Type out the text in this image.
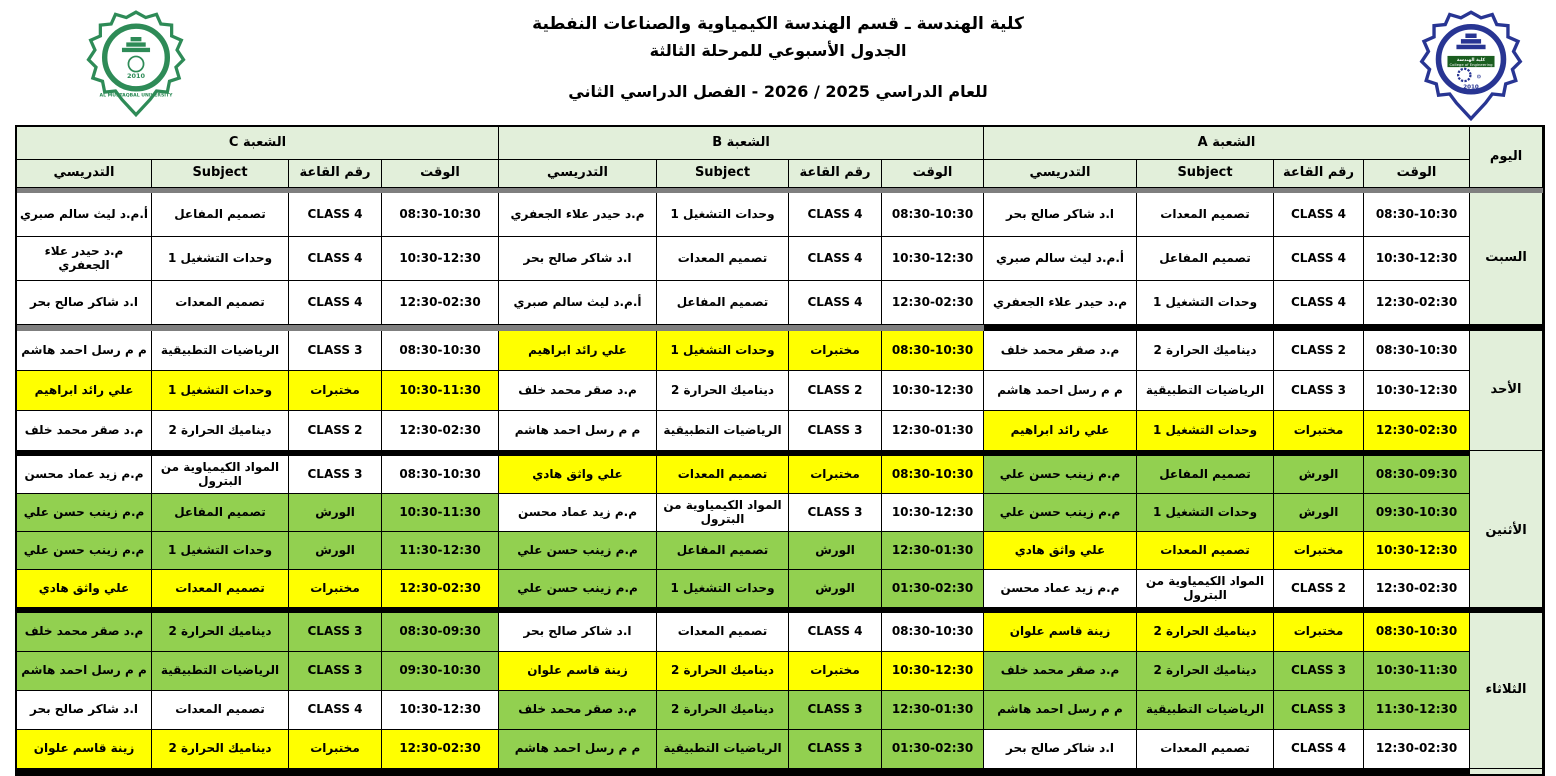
2010
AL MUSTAQBAL UNIVERSITY
كلية الهندسة
College of Engineering
⚙
2010
كلية الهندسة ـ قسم الهندسة الكيمياوية والصناعات النفطية
الجدول الأسبوعي للمرحلة الثالثة
للعام الدراسي 2025 / 2026 - الفصل الدراسي الثاني
الشعبة C	الشعبة B	الشعبة A
اليوم
التدريسي	Subject	رقم القاعة	الوقت	التدريسي	Subject	رقم القاعة	الوقت	التدريسي	Subject	رقم القاعة	الوقت
السبت
أ.م.د ليث سالم صبري	تصميم المفاعل	CLASS 4	08:30-10:30	م.د حيدر علاء الجعفري	وحدات التشغيل 1	CLASS 4	08:30-10:30	ا.د شاكر صالح بحر	تصميم المعدات	CLASS 4	08:30-10:30
م.د حيدر علاء الجعفري	وحدات التشغيل 1	CLASS 4	10:30-12:30	ا.د شاكر صالح بحر	تصميم المعدات	CLASS 4	10:30-12:30	أ.م.د ليث سالم صبري	تصميم المفاعل	CLASS 4	10:30-12:30
ا.د شاكر صالح بحر	تصميم المعدات	CLASS 4	12:30-02:30	أ.م.د ليث سالم صبري	تصميم المفاعل	CLASS 4	12:30-02:30	م.د حيدر علاء الجعفري	وحدات التشغيل 1	CLASS 4	12:30-02:30
الأحد
م م رسل احمد هاشم	الرياضيات التطبيقية	CLASS 3	08:30-10:30	علي رائد ابراهيم	وحدات التشغيل 1	مختبرات	08:30-10:30	م.د صقر محمد خلف	ديناميك الحرارة 2	CLASS 2	08:30-10:30
علي رائد ابراهيم	وحدات التشغيل 1	مختبرات	10:30-11:30	م.د صقر محمد خلف	ديناميك الحرارة 2	CLASS 2	10:30-12:30	م م رسل احمد هاشم	الرياضيات التطبيقية	CLASS 3	10:30-12:30
م.د صقر محمد خلف	ديناميك الحرارة 2	CLASS 2	12:30-02:30	م م رسل احمد هاشم	الرياضيات التطبيقية	CLASS 3	12:30-01:30	علي رائد ابراهيم	وحدات التشغيل 1	مختبرات	12:30-02:30
الأثنين
م.م زيد عماد محسن	المواد الكيمياوية من البترول	CLASS 3	08:30-10:30	علي واثق هادي	تصميم المعدات	مختبرات	08:30-10:30	م.م زينب حسن علي	تصميم المفاعل	الورش	08:30-09:30
م.م زينب حسن علي	تصميم المفاعل	الورش	10:30-11:30	م.م زيد عماد محسن	المواد الكيمياوية من البترول	CLASS 3	10:30-12:30	م.م زينب حسن علي	وحدات التشغيل 1	الورش	09:30-10:30
م.م زينب حسن علي	وحدات التشغيل 1	الورش	11:30-12:30	م.م زينب حسن علي	تصميم المفاعل	الورش	12:30-01:30	علي واثق هادي	تصميم المعدات	مختبرات	10:30-12:30
علي واثق هادي	تصميم المعدات	مختبرات	12:30-02:30	م.م زينب حسن علي	وحدات التشغيل 1	الورش	01:30-02:30	م.م زيد عماد محسن	المواد الكيمياوية من البترول	CLASS 2	12:30-02:30
الثلاثاء
م.د صقر محمد خلف	ديناميك الحرارة 2	CLASS 3	08:30-09:30	ا.د شاكر صالح بحر	تصميم المعدات	CLASS 4	08:30-10:30	زينة قاسم علوان	ديناميك الحرارة 2	مختبرات	08:30-10:30
م م رسل احمد هاشم	الرياضيات التطبيقية	CLASS 3	09:30-10:30	زينة قاسم علوان	ديناميك الحرارة 2	مختبرات	10:30-12:30	م.د صقر محمد خلف	ديناميك الحرارة 2	CLASS 3	10:30-11:30
ا.د شاكر صالح بحر	تصميم المعدات	CLASS 4	10:30-12:30	م.د صقر محمد خلف	ديناميك الحرارة 2	CLASS 3	12:30-01:30	م م رسل احمد هاشم	الرياضيات التطبيقية	CLASS 3	11:30-12:30
زينة قاسم علوان	ديناميك الحرارة 2	مختبرات	12:30-02:30	م م رسل احمد هاشم	الرياضيات التطبيقية	CLASS 3	01:30-02:30	ا.د شاكر صالح بحر	تصميم المعدات	CLASS 4	12:30-02:30
